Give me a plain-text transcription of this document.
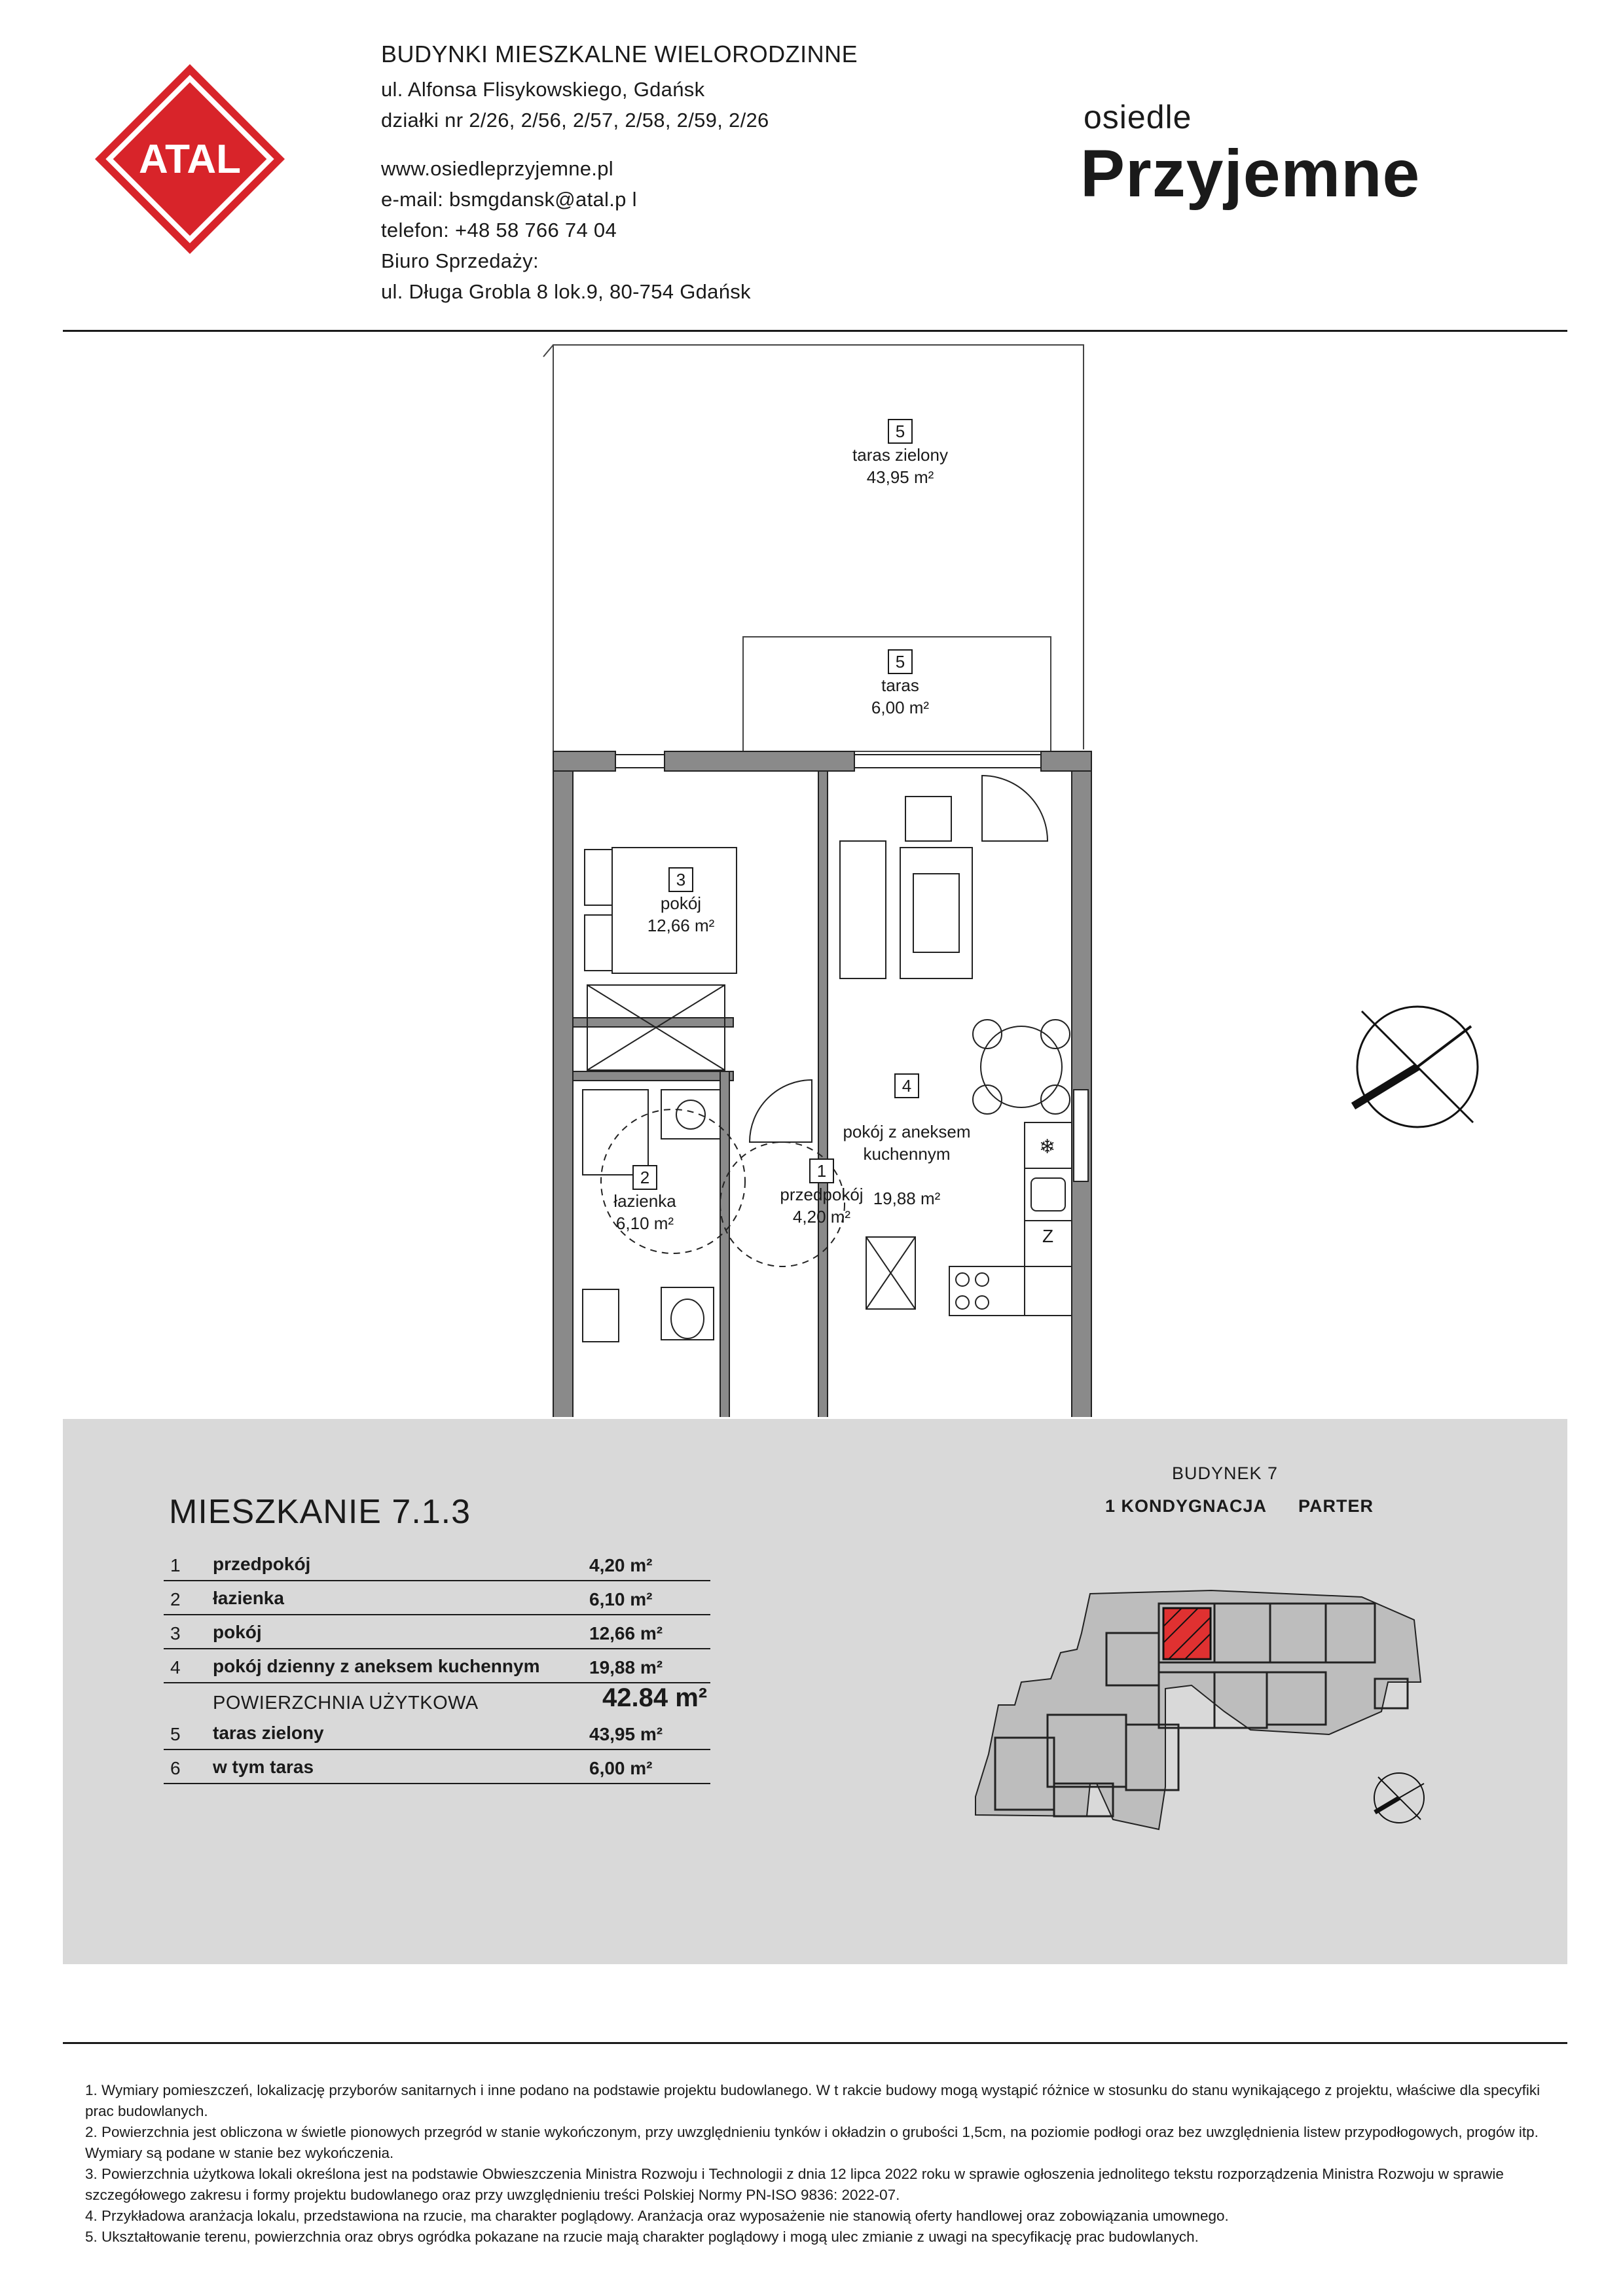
ATAL
BUDYNKI MIESZKALNE WIELORODZINNE
ul. Alfonsa Flisykowskiego, Gdańsk
działki nr 2/26, 2/56, 2/57, 2/58, 2/59, 2/26
www.osiedleprzyjemne.pl
e-mail: bsmgdansk@atal.p l
telefon: +48 58 766 74 04
Biuro Sprzedaży:
ul. Długa Grobla 8 lok.9, 80-754 Gdańsk
osiedle
Przyjemne
5
taras zielony
43,95 m²
5
taras
6,00 m²
3
pokój
12,66 m²

4

pokój z aneksem
kuchennym

19,88 m²

2
łazienka
6,10 m²
1
przedpokój
4,20 m²
Z
❄
MIESZKANIE 7.1.3
BUDYNEK 7
1 KONDYGNACJA PARTER
1 przedpokój	4,20 m²
2 łazienka	6,10 m²
3 pokój	12,66 m²
4 pokój dzienny z aneksem kuchennym	19,88 m²
POWIERZCHNIA UŻYTKOWA	42.84 m²
5 taras zielony	43,95 m²
6 w tym taras	6,00 m²

1. Wymiary pomieszczeń, lokalizację przyborów sanitarnych i inne podano na podstawie projektu budowlanego. W t rakcie budowy mogą wystąpić różnice w stosunku do stanu wynikającego z projektu, właściwe dla specyfiki prac budowlanych.

2. Powierzchnia jest obliczona w świetle pionowych przegród w stanie wykończonym, przy uwzględnieniu tynków i okładzin o grubości 1,5cm, na poziomie podłogi oraz bez uwzględnienia listew przypodłogowych, progów itp. Wymiary są podane w stanie bez wykończenia.

3. Powierzchnia użytkowa lokali określona jest na podstawie Obwieszczenia Ministra Rozwoju i Technologii z dnia 12 lipca 2022 roku w sprawie ogłoszenia jednolitego tekstu rozporządzenia Ministra Rozwoju w sprawie szczegółowego zakresu i formy projektu budowlanego oraz przy uwzględnieniu treści Polskiej Normy PN-ISO 9836: 2022-07.

4. Przykładowa aranżacja lokalu, przedstawiona na rzucie, ma charakter poglądowy. Aranżacja oraz wyposażenie nie stanowią oferty handlowej oraz zobowiązania umownego.

5. Ukształtowanie terenu, powierzchnia oraz obrys ogródka pokazane na rzucie mają charakter poglądowy i mogą ulec zmianie z uwagi na specyfikację prac budowlanych.
